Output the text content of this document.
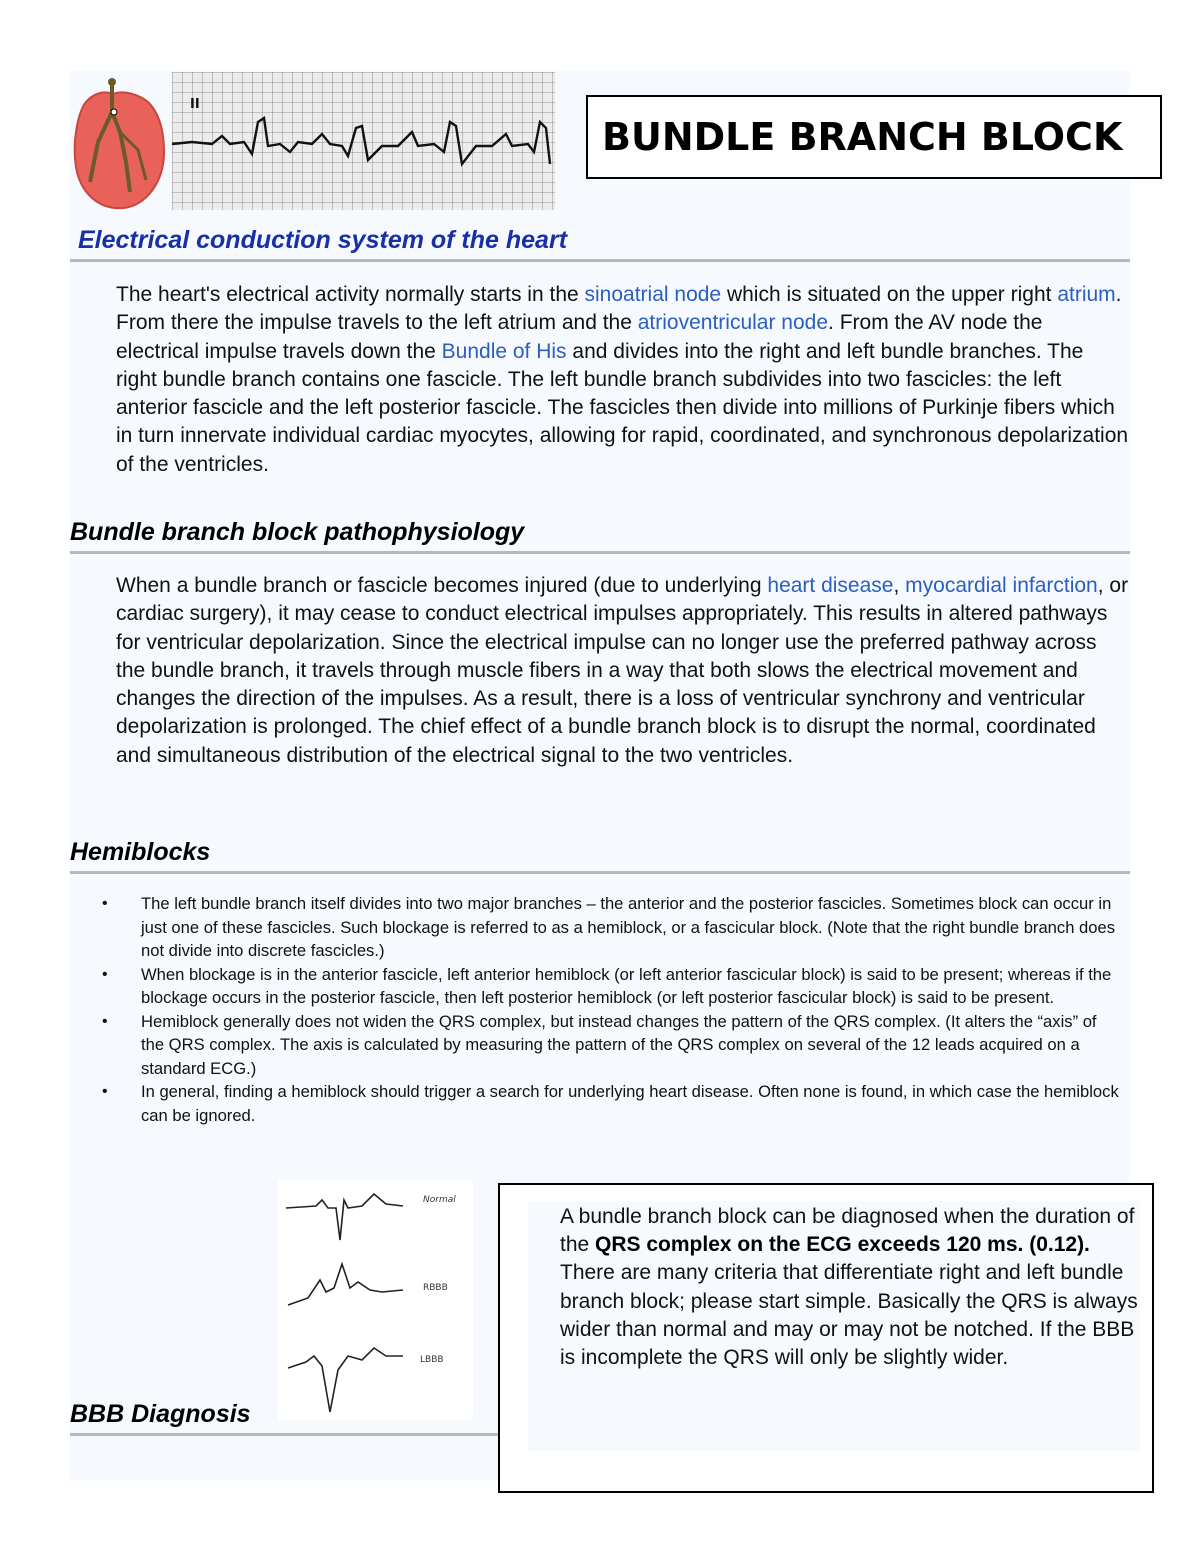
II
BUNDLE BRANCH BLOCK
Electrical conduction system of the heart

The heart's electrical activity normally starts in the sinoatrial node which is situated on the upper right atrium. From there the impulse travels to the left atrium and the atrioventricular node. From the AV node the electrical impulse travels down the Bundle of His and divides into the right and left bundle branches. The right bundle branch contains one fascicle. The left bundle branch subdivides into two fascicles: the left anterior fascicle and the left posterior fascicle. The fascicles then divide into millions of Purkinje fibers which in turn innervate individual cardiac myocytes, allowing for rapid, coordinated, and synchronous depolarization of the ventricles.

Bundle branch block pathophysiology

When a bundle branch or fascicle becomes injured (due to underlying heart disease, myocardial infarction, or cardiac surgery), it may cease to conduct electrical impulses appropriately. This results in altered pathways for ventricular depolarization. Since the electrical impulse can no longer use the preferred pathway across the bundle branch, it travels through muscle fibers in a way that both slows the electrical movement and changes the direction of the impulses. As a result, there is a loss of ventricular synchrony and ventricular depolarization is prolonged. The chief effect of a bundle branch block is to disrupt the normal, coordinated and simultaneous distribution of the electrical signal to the two ventricles.

Hemiblocks
• The left bundle branch itself divides into two major branches – the anterior and the posterior fascicles. Sometimes block can occur in just one of these fascicles. Such blockage is referred to as a hemiblock, or a fascicular block. (Note that the right bundle branch does not divide into discrete fascicles.)
• When blockage is in the anterior fascicle, left anterior hemiblock (or left anterior fascicular block) is said to be present; whereas if the blockage occurs in the posterior fascicle, then left posterior hemiblock (or left posterior fascicular block) is said to be present.
• Hemiblock generally does not widen the QRS complex, but instead changes the pattern of the QRS complex. (It alters the “axis” of the QRS complex. The axis is calculated by measuring the pattern of the QRS complex on several of the 12 leads acquired on a standard ECG.)
• In general, finding a hemiblock should trigger a search for underlying heart disease. Often none is found, in which case the hemiblock can be ignored.
Normal
RBBB
LBBB
BBB Diagnosis

A bundle branch block can be diagnosed when the duration of the QRS complex on the ECG exceeds 120 ms. (0.12). There are many criteria that differentiate right and left bundle branch block; please start simple. Basically the QRS is always wider than normal and may or may not be notched. If the BBB is incomplete the QRS will only be slightly wider.
